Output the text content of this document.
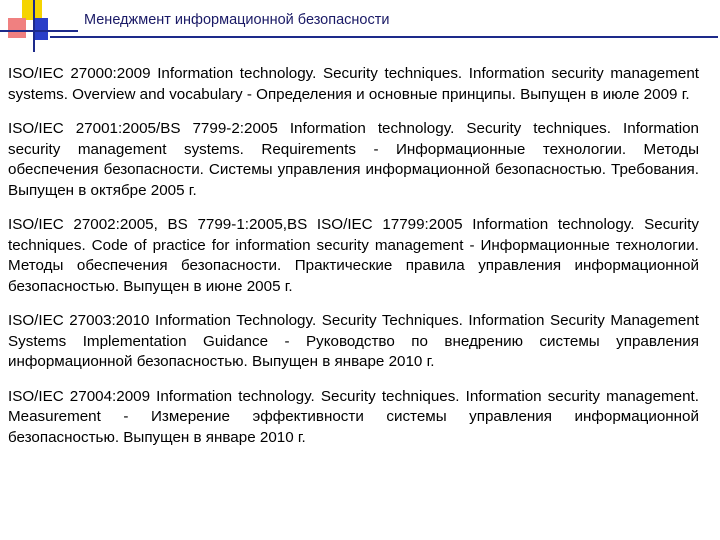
Менеджмент информационной безопасности

ISO/IEC 27000:2009 Information technology. Security techniques. Information security management systems. Overview and vocabulary - Определения и основные принципы. Выпущен в июле 2009 г.

ISO/IEC 27001:2005/BS 7799-2:2005 Information technology. Security techniques. Information security management systems. Requirements - Информационные технологии. Методы обеспечения безопасности. Системы управления информационной безопасностью. Требования. Выпущен в октябре 2005 г.

ISO/IEC 27002:2005, BS 7799-1:2005,BS ISO/IEC 17799:2005 Information technology. Security techniques. Code of practice for information security management - Информационные технологии. Методы обеспечения безопасности. Практические правила управления информационной безопасностью. Выпущен в июне 2005 г.

ISO/IEC 27003:2010 Information Technology. Security Techniques. Information Security Management Systems Implementation Guidance - Руководство по внедрению системы управления информационной безопасностью. Выпущен в январе 2010 г.

ISO/IEC 27004:2009 Information technology. Security techniques. Information security management. Measurement - Измерение эффективности системы управления информационной безопасностью. Выпущен в январе 2010 г.
